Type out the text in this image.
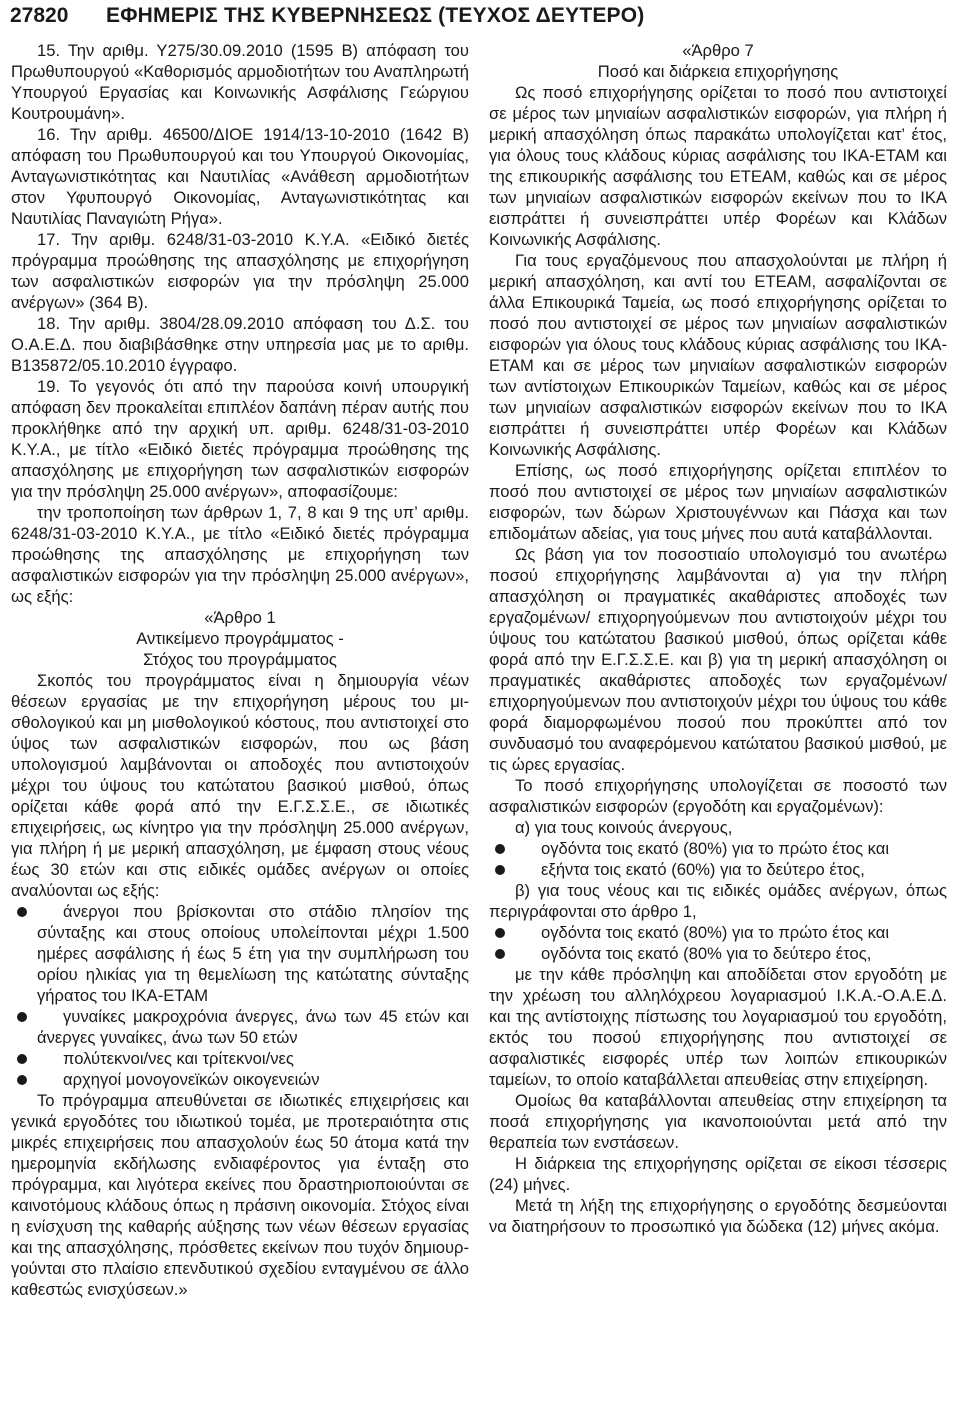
27820 ΕΦΗΜΕΡΙΣ ΤΗΣ ΚΥΒΕΡΝΗΣΕΩΣ (ΤΕΥΧΟΣ ΔΕΥΤΕΡΟ)

15. Την αριθμ. Υ275/30.09.2010 (1595 Β) απόφαση του Πρωθυπουργού «Καθορισμός αρμοδιοτήτων του Αναπληρωτή Υπουργού Εργασίας και Κοινωνικής Ασφάλισης Γεώργιου Κουτρουμάνη».

16. Την αριθμ. 46500/ΔΙΟΕ 1914/13-10-2010 (1642 Β) απόφαση του Πρωθυπουργού και του Υπουργού Οικονομίας, Ανταγωνιστικότητας και Ναυτιλίας «Ανάθεση αρμοδιοτήτων στον Υφυπουργό Οικονομίας, Ανταγωνιστικότητας και Ναυτιλίας Παναγιώτη Ρήγα».

17. Την αριθμ. 6248/31-03-2010 Κ.Υ.Α. «Ειδικό διετές πρόγραμμα προώθησης της απασχόλησης με επιχορήγηση των ασφαλιστικών εισφορών για την πρόσληψη 25.000 ανέργων» (364 Β).

18. Την αριθμ. 3804/28.09.2010 απόφαση του Δ.Σ. του Ο.Α.Ε.Δ. που διαβιβάσθηκε στην υπηρεσία μας με το αριθμ. Β135872/05.10.2010 έγγραφο.

19. Το γεγονός ότι από την παρούσα κοινή υπουργική απόφαση δεν προκαλείται επιπλέον δαπάνη πέραν αυτής που προκλήθηκε από την αρχική υπ. αριθμ. 6248/31-03-2010 Κ.Υ.Α., με τίτλο «Ειδικό διετές πρόγραμμα προώθησης της απασχόλησης με επιχορήγηση των ασφαλιστικών εισφορών για την πρόσληψη 25.000 ανέργων», αποφασίζουμε:

την τροποποίηση των άρθρων 1, 7, 8 και 9 της υπ’ αριθμ. 6248/31-03-2010 Κ.Υ.Α., με τίτλο «Ειδικό διετές πρόγραμμα προώθησης της απασχόλησης με επιχορήγηση των ασφαλιστικών εισφορών για την πρόσληψη 25.000 ανέργων», ως εξής:

«Άρθρο 1

Αντικείμενο προγράμματος -

Στόχος του προγράμματος

Σκοπός του προγράμματος είναι η δημιουργία νέων θέσεων εργασίας με την επιχορήγηση μέρους του μισθολογικού και μη μισθολογικού κόστους, που αντιστοιχεί στο ύψος των ασφαλιστικών εισφορών, που ως βάση υπολογισμού λαμβάνονται οι αποδοχές που αντιστοιχούν μέχρι του ύψους του κατώτατου βασικού μισθού, όπως ορίζεται κάθε φορά από την Ε.Γ.Σ.Σ.Ε., σε ιδιωτικές επιχειρήσεις, ως κίνητρο για την πρόσληψη 25.000 ανέργων, για πλήρη ή με μερική απασχόληση, με έμφαση στους νέους έως 30 ετών και στις ειδικές ομάδες ανέργων οι οποίες αναλύονται ως εξής:

άνεργοι που βρίσκονται στο στάδιο πλησίον της σύνταξης και στους οποίους υπολείπονται μέχρι 1.500 ημέρες ασφάλισης ή έως 5 έτη για την συμπλήρωση του ορίου ηλικίας για τη θεμελίωση της κατώτατης σύνταξης γήρατος του ΙΚΑ-ΕΤΑΜ

γυναίκες μακροχρόνια άνεργες, άνω των 45 ετών και άνεργες γυναίκες, άνω των 50 ετών

πολύτεκνοι/νες και τρίτεκνοι/νες

αρχηγοί μονογονεϊκών οικογενειών

Το πρόγραμμα απευθύνεται σε ιδιωτικές επιχειρήσεις και γενικά εργοδότες του ιδιωτικού τομέα, με προτεραιότητα στις μικρές επιχειρήσεις που απασχολούν έως 50 άτομα κατά την ημερομηνία εκδήλωσης ενδιαφέροντος για ένταξη στο πρόγραμμα, και λιγότερα εκείνες που δραστηριοποιούνται σε καινοτόμους κλάδους όπως η πράσινη οικονομία. Στόχος είναι η ενίσχυση της καθαρής αύξησης των νέων θέσεων εργασίας και της απασχόλησης, πρόσθετες εκείνων που τυχόν δημιουργούνται στο πλαίσιο επενδυτικού σχεδίου ενταγμένου σε άλλο καθεστώς ενισχύσεων.»

«Άρθρο 7

Ποσό και διάρκεια επιχορήγησης

Ως ποσό επιχορήγησης ορίζεται το ποσό που αντιστοιχεί σε μέρος των μηνιαίων ασφαλιστικών εισφορών, για πλήρη ή μερική απασχόληση όπως παρακάτω υπολογίζεται κατ’ έτος, για όλους τους κλάδους κύριας ασφάλισης του ΙΚΑ-ΕΤΑΜ και της επικουρικής ασφάλισης του ΕΤΕΑΜ, καθώς και σε μέρος των μηνιαίων ασφαλιστικών εισφορών εκείνων που το ΙΚΑ εισπράττει ή συνεισπράττει υπέρ Φορέων και Κλάδων Κοινωνικής Ασφάλισης.

Για τους εργαζόμενους που απασχολούνται με πλήρη ή μερική απασχόληση, και αντί του ΕΤΕΑΜ, ασφαλίζονται σε άλλα Επικουρικά Ταμεία, ως ποσό επιχορήγησης ορίζεται το ποσό που αντιστοιχεί σε μέρος των μηνιαίων ασφαλιστικών εισφορών για όλους τους κλάδους κύριας ασφάλισης του ΙΚΑ-ΕΤΑΜ και σε μέρος των μηνιαίων ασφαλιστικών εισφορών των αντίστοιχων Επικουρικών Ταμείων, καθώς και σε μέρος των μηνιαίων ασφαλιστικών εισφορών εκείνων που το ΙΚΑ εισπράττει ή συνεισπράττει υπέρ Φορέων και Κλάδων Κοινωνικής Ασφάλισης.

Επίσης, ως ποσό επιχορήγησης ορίζεται επιπλέον το ποσό που αντιστοιχεί σε μέρος των μηνιαίων ασφαλιστικών εισφορών, των δώρων Χριστουγέννων και Πάσχα και των επιδομάτων αδείας, για τους μήνες που αυτά καταβάλλονται.

Ως βάση για τον ποσοστιαίο υπολογισμό του ανωτέρω ποσού επιχορήγησης λαμβάνονται α) για την πλήρη απασχόληση οι πραγματικές ακαθάριστες αποδοχές των εργαζομένων/ επιχορηγούμενων που αντιστοιχούν μέχρι του ύψους του κατώτατου βασικού μισθού, όπως ορίζεται κάθε φορά από την Ε.Γ.Σ.Σ.Ε. και β) για τη μερική απασχόληση οι πραγματικές ακαθάριστες αποδοχές των εργαζομένων/ επιχορηγούμενων που αντιστοιχούν μέχρι του ύψους του κάθε φορά διαμορφωμένου ποσού που προκύπτει από τον συνδυασμό του αναφερόμενου κατώτατου βασικού μισθού, με τις ώρες εργασίας.

Το ποσό επιχορήγησης υπολογίζεται σε ποσοστό των ασφαλιστικών εισφορών (εργοδότη και εργαζομένων):

α) για τους κοινούς άνεργους,

ογδόντα τοις εκατό (80%) για το πρώτο έτος και

εξήντα τοις εκατό (60%) για το δεύτερο έτος,

β) για τους νέους και τις ειδικές ομάδες ανέργων, όπως περιγράφονται στο άρθρο 1,

ογδόντα τοις εκατό (80%) για το πρώτο έτος και

ογδόντα τοις εκατό (80% για το δεύτερο έτος,

με την κάθε πρόσληψη και αποδίδεται στον εργοδότη με την χρέωση του αλληλόχρεου λογαριασμού Ι.Κ.Α.-Ο.Α.Ε.Δ. και της αντίστοιχης πίστωσης του λογαριασμού του εργοδότη, εκτός του ποσού επιχορήγησης που αντιστοιχεί σε ασφαλιστικές εισφορές υπέρ των λοιπών επικουρικών ταμείων, το οποίο καταβάλλεται απευθείας στην επιχείρηση.

Ομοίως θα καταβάλλονται απευθείας στην επιχείρηση τα ποσά επιχορήγησης για ικανοποιούνται μετά από την θεραπεία των ενστάσεων.

Η διάρκεια της επιχορήγησης ορίζεται σε είκοσι τέσσερις (24) μήνες.

Μετά τη λήξη της επιχορήγησης ο εργοδότης δεσμεύονται να διατηρήσουν το προσωπικό για δώδεκα (12) μήνες ακόμα.
